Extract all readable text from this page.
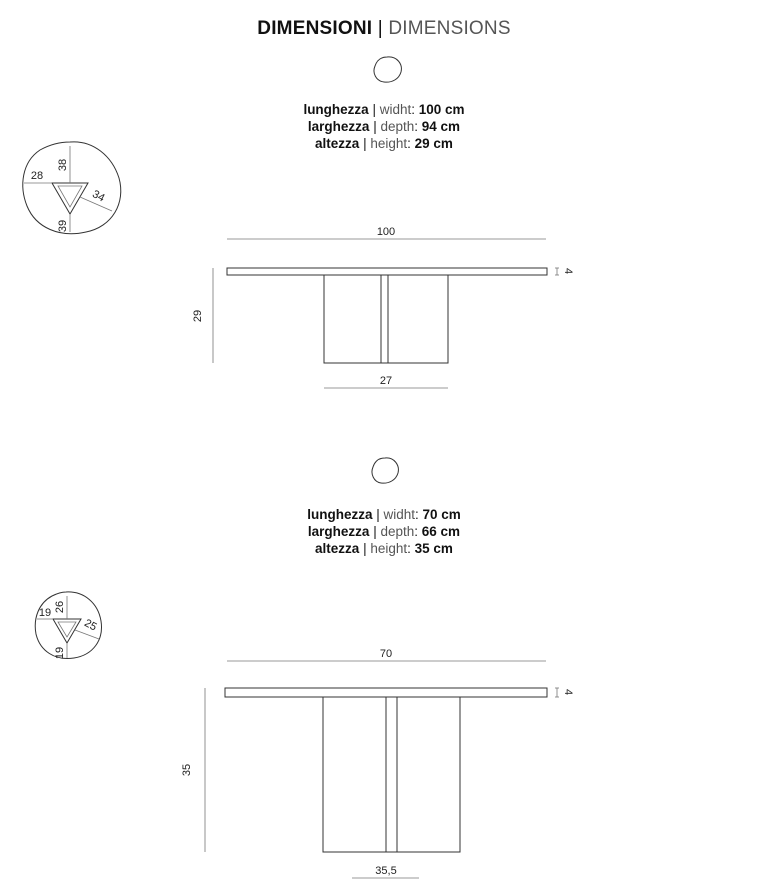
DIMENSIONI | DIMENSIONS
lunghezza | widht: 100 cm
larghezza | depth: 94 cm
altezza | height: 29 cm
lunghezza | widht: 70 cm
larghezza | depth: 66 cm
altezza | height: 35 cm
38
28
34
39	100
4
29
27
26
19
25
19	70
4
35
35,5
